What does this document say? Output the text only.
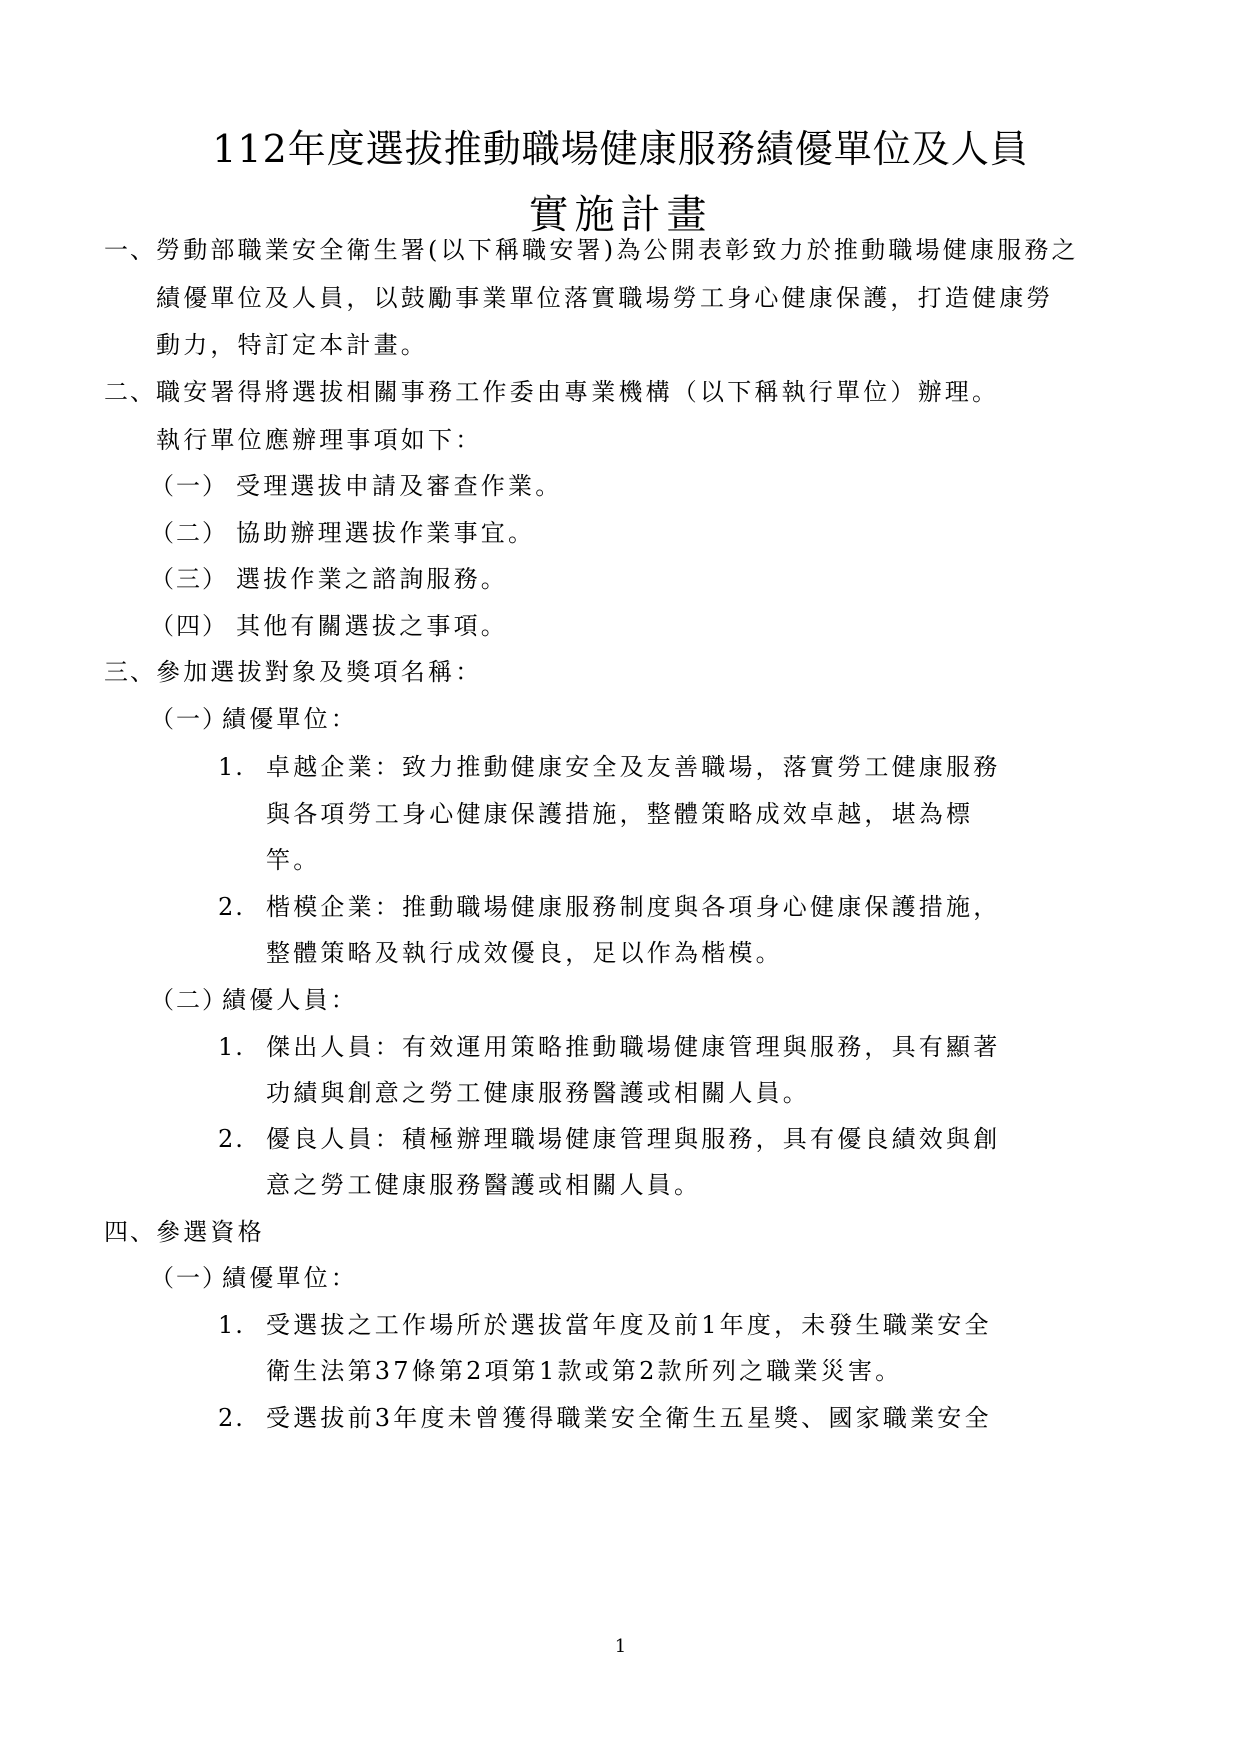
112年度選拔推動職場健康服務績優單位及人員
實施計畫
一、 勞動部職業安全衛生署(以下稱職安署)為公開表彰致力於推動職場健康服務之
績優單位及人員，以鼓勵事業單位落實職場勞工身心健康保護，打造健康勞
動力，特訂定本計畫。
二、 職安署得將選拔相關事務工作委由專業機構（以下稱執行單位）辦理。
執行單位應辦理事項如下：
（一） 受理選拔申請及審查作業。
（二） 協助辦理選拔作業事宜。
（三） 選拔作業之諮詢服務。
（四） 其他有關選拔之事項。
三、 參加選拔對象及獎項名稱：
（一）
績優單位：
1. 卓越企業：致力推動健康安全及友善職場，落實勞工健康服務
與各項勞工身心健康保護措施，整體策略成效卓越，堪為標
竿。
2. 楷模企業：推動職場健康服務制度與各項身心健康保護措施，
整體策略及執行成效優良，足以作為楷模。
（二）
績優人員：
1. 傑出人員：有效運用策略推動職場健康管理與服務，具有顯著
功績與創意之勞工健康服務醫護或相關人員。
2. 優良人員：積極辦理職場健康管理與服務，具有優良績效與創
意之勞工健康服務醫護或相關人員。
四、 參選資格
（一）
績優單位：
1. 受選拔之工作場所於選拔當年度及前1年度，未發生職業安全
衛生法第37條第2項第1款或第2款所列之職業災害。
2. 受選拔前3年度未曾獲得職業安全衛生五星獎、國家職業安全
1
